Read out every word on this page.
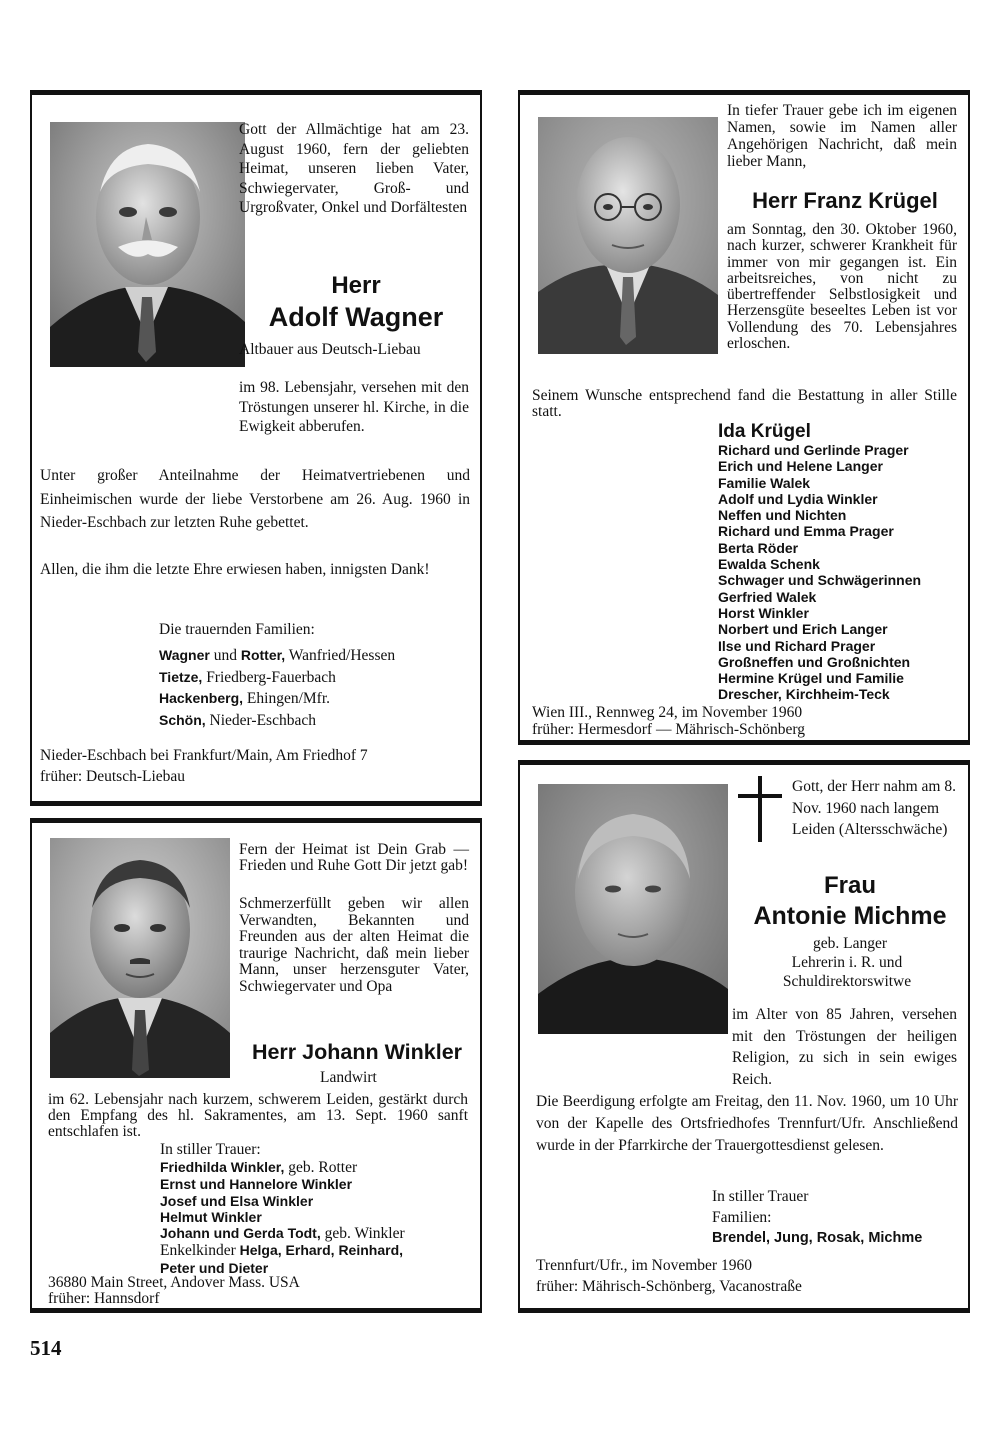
Gott der Allmächtige hat am 23. August 1960, fern der geliebten Heimat, unseren lieben Vater, Schwiegervater, Groß- und Urgroßvater, Onkel und Dorfältesten
Herr
Adolf Wagner
Altbauer aus Deutsch-Liebau
im 98. Lebensjahr, versehen mit den Tröstungen unserer hl. Kirche, in die Ewigkeit abberufen.
Unter großer Anteilnahme der Heimatvertriebenen und Einheimischen wurde der liebe Verstorbene am 26. Aug. 1960 in Nieder-Eschbach zur letzten Ruhe gebettet.
Allen, die ihm die letzte Ehre erwiesen haben, innigsten Dank!
Die trauernden Familien:
Wagner und Rotter, Wanfried/Hessen
Tietze, Friedberg-Fauerbach
Hackenberg, Ehingen/Mfr.
Schön, Nieder-Eschbach
Nieder-Eschbach bei Frankfurt/Main, Am Friedhof 7
früher: Deutsch-Liebau
In tiefer Trauer gebe ich im eigenen Namen, sowie im Namen aller Angehörigen Nachricht, daß mein lieber Mann,
Herr Franz Krügel
am Sonntag, den 30. Oktober 1960, nach kurzer, schwerer Krankheit für immer von mir gegangen ist. Ein arbeitsreiches, von nicht zu übertreffender Selbstlosigkeit und Herzensgüte beseeltes Leben ist vor Vollendung des 70. Lebensjahres erloschen.
Seinem Wunsche entsprechend fand die Bestattung in aller Stille statt.
Ida Krügel
Richard und Gerlinde Prager
Erich und Helene Langer
Familie Walek
Adolf und Lydia Winkler
Neffen und Nichten
Richard und Emma Prager
Berta Röder
Ewalda Schenk
Schwager und Schwägerinnen
Gerfried Walek
Horst Winkler
Norbert und Erich Langer
Ilse und Richard Prager
Großneffen und Großnichten
Hermine Krügel und Familie
Drescher, Kirchheim-Teck
Wien III., Rennweg 24, im November 1960
früher: Hermesdorf — Mährisch-Schönberg
Fern der Heimat ist Dein Grab — Frieden und Ruhe Gott Dir jetzt gab!
Schmerzerfüllt geben wir allen Verwandten, Bekannten und Freunden aus der alten Heimat die traurige Nachricht, daß mein lieber Mann, unser herzensguter Vater, Schwiegervater und Opa
Herr Johann Winkler
Landwirt
im 62. Lebensjahr nach kurzem, schwerem Leiden, gestärkt durch den Empfang des hl. Sakramentes, am 13. Sept. 1960 sanft entschlafen ist.
In stiller Trauer:
Friedhilda Winkler, geb. Rotter
Ernst und Hannelore Winkler
Josef und Elsa Winkler
Helmut Winkler
Johann und Gerda Todt, geb. Winkler
Enkelkinder Helga, Erhard, Reinhard,
Peter und Dieter
36880 Main Street, Andover Mass. USA
früher: Hannsdorf
Gott, der Herr nahm am 8. Nov. 1960 nach langem Leiden (Altersschwäche)
Frau
Antonie Michme
geb. Langer
Lehrerin i. R. und Schuldirektorswitwe
im Alter von 85 Jahren, versehen mit den Tröstungen der heiligen Religion, zu sich in sein ewiges Reich.
Die Beerdigung erfolgte am Freitag, den 11. Nov. 1960, um 10 Uhr von der Kapelle des Ortsfriedhofes Trennfurt/Ufr. Anschließend wurde in der Pfarrkirche der Trauergottesdienst gelesen.
In stiller Trauer
Familien:
Brendel, Jung, Rosak, Michme
Trennfurt/Ufr., im November 1960
früher: Mährisch-Schönberg, Vacanostraße
514
